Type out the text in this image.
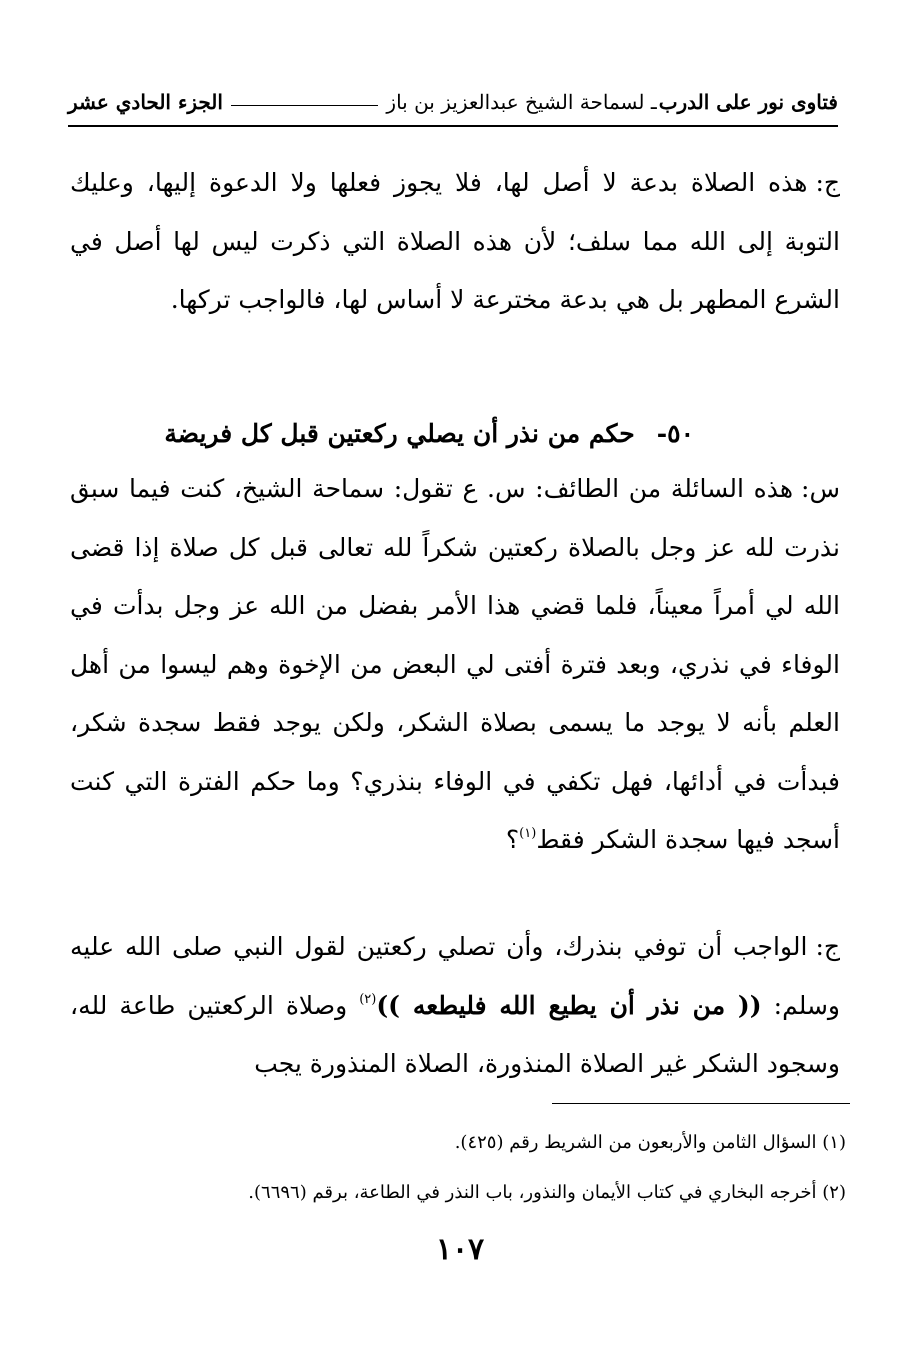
فتاوى نور على الدرب
ـ لسماحة الشيخ عبدالعزيز بن باز
الجزء الحادي عشر
ج:هذه الصلاة بدعة لا أصل لها، فلا يجوز فعلها ولا الدعوة إليها، وعليك التوبة إلى الله مما سلف؛ لأن هذه الصلاة التي ذكرت ليس لها أصل في الشرع المطهر بل هي بدعة مخترعة لا أساس لها، فالواجب تركها.
٥٠-حكم من نذر أن يصلي ركعتين قبل كل فريضة
س:هذه السائلة من الطائف: س. ع تقول: سماحة الشيخ، كنت فيما سبق نذرت لله عز وجل بالصلاة ركعتين شكراً لله تعالى قبل كل صلاة إذا قضى الله لي أمراً معيناً، فلما قضي هذا الأمر بفضل من الله عز وجل بدأت في الوفاء في نذري، وبعد فترة أفتى لي البعض من الإخوة وهم ليسوا من أهل العلم بأنه لا يوجد ما يسمى بصلاة الشكر، ولكن يوجد فقط سجدة شكر، فبدأت في أدائها، فهل تكفي في الوفاء بنذري؟ وما حكم الفترة التي كنت أسجد فيها سجدة الشكر فقط$^{(١)}$؟
ج:الواجب أن توفي بنذرك، وأن تصلي ركعتين لقول النبي صلى الله عليه وسلم: (( من نذر أن يطيع الله فليطعه ))$^{(٢)}$ وصلاة الركعتين طاعة لله، وسجود الشكر غير الصلاة المنذورة، الصلاة المنذورة يجب
(١) السؤال الثامن والأربعون من الشريط رقم (٤٢٥).
(٢) أخرجه البخاري في كتاب الأيمان والنذور، باب النذر في الطاعة، برقم (٦٦٩٦).
١٠٧
